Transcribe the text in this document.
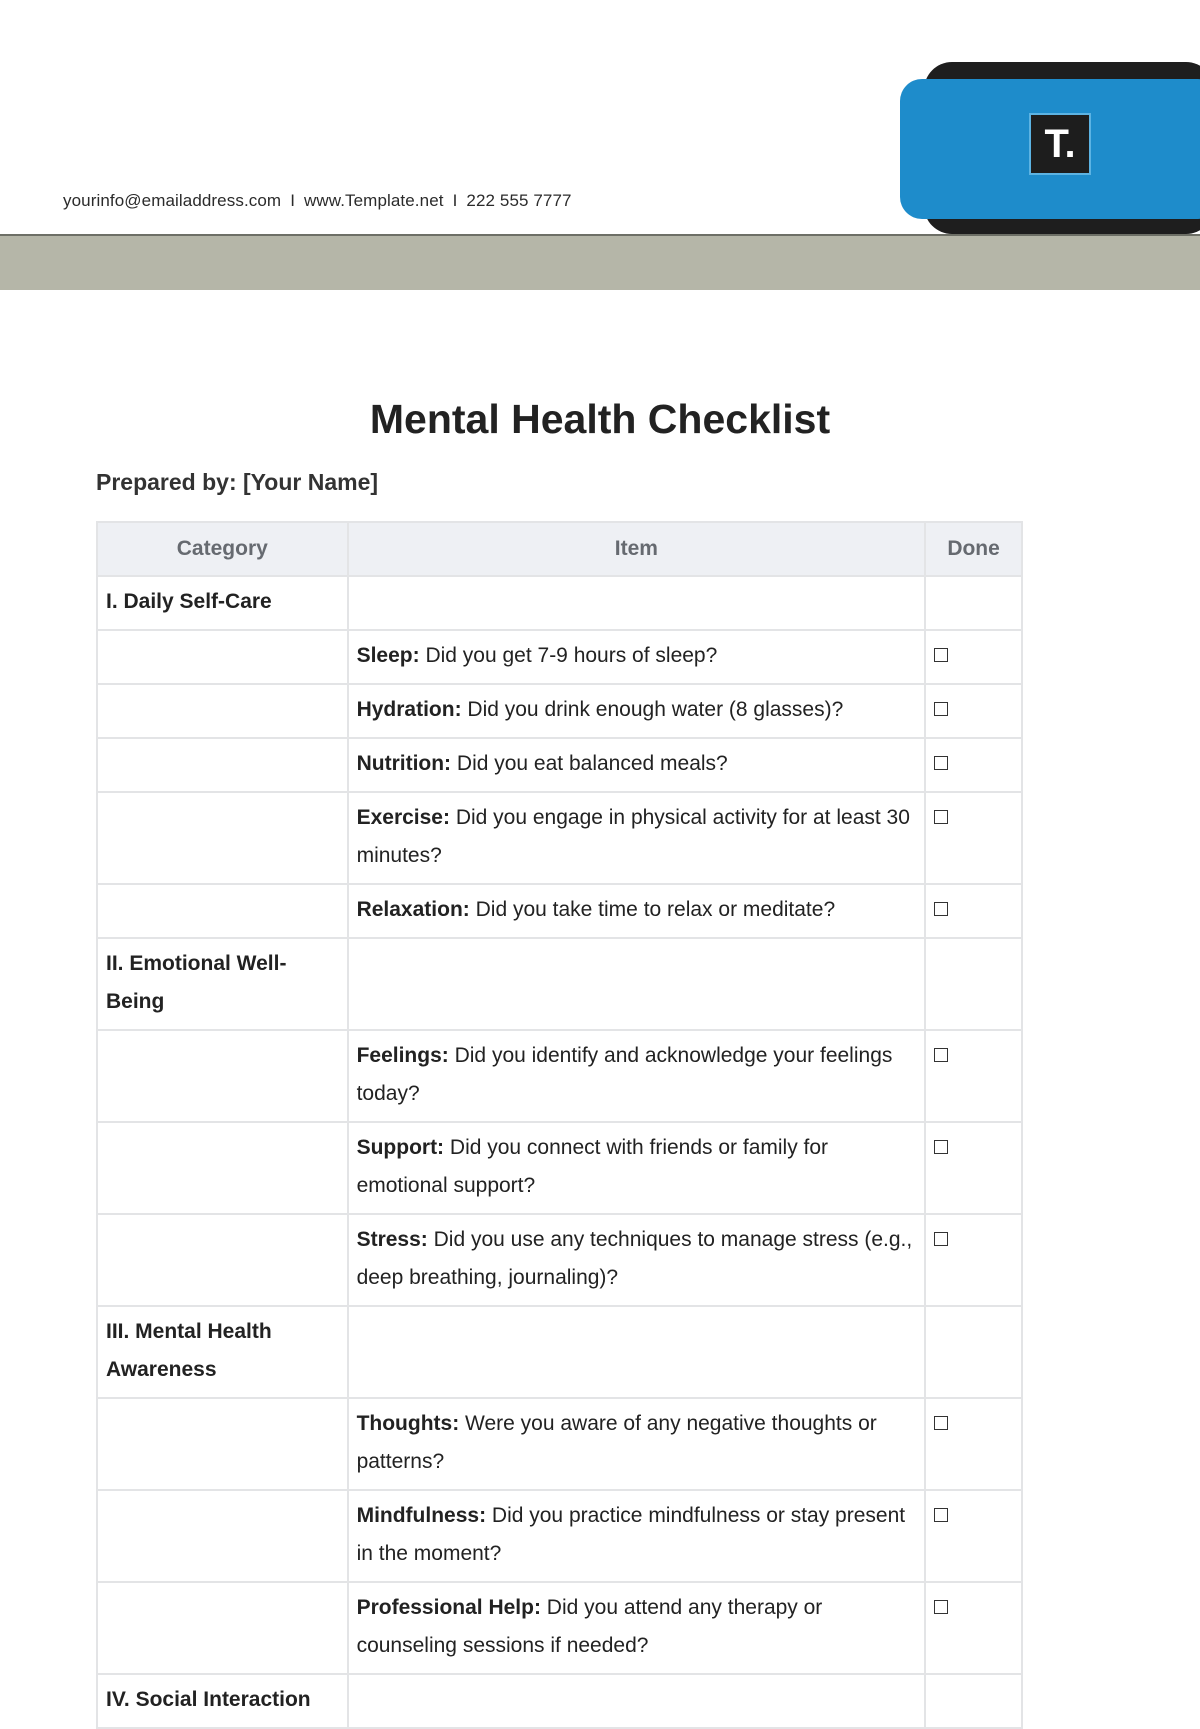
T.
yourinfo@emailaddress.com I www.Template.net I 222 555 7777
Mental Health Checklist
Prepared by: [Your Name]
Category	Item	Done
I. Daily Self-Care		
	Sleep: Did you get 7-9 hours of sleep?	
	Hydration: Did you drink enough water (8 glasses)?	
	Nutrition: Did you eat balanced meals?	
	Exercise: Did you engage in physical activity for at least 30 minutes?	
	Relaxation: Did you take time to relax or meditate?	
II. Emotional Well-Being		
	Feelings: Did you identify and acknowledge your feelings today?	
	Support: Did you connect with friends or family for emotional support?	
	Stress: Did you use any techniques to manage stress (e.g., deep breathing, journaling)?	
III. Mental Health Awareness		
	Thoughts: Were you aware of any negative thoughts or patterns?	
	Mindfulness: Did you practice mindfulness or stay present in the moment?	
	Professional Help: Did you attend any therapy or counseling sessions if needed?	
IV. Social Interaction		
